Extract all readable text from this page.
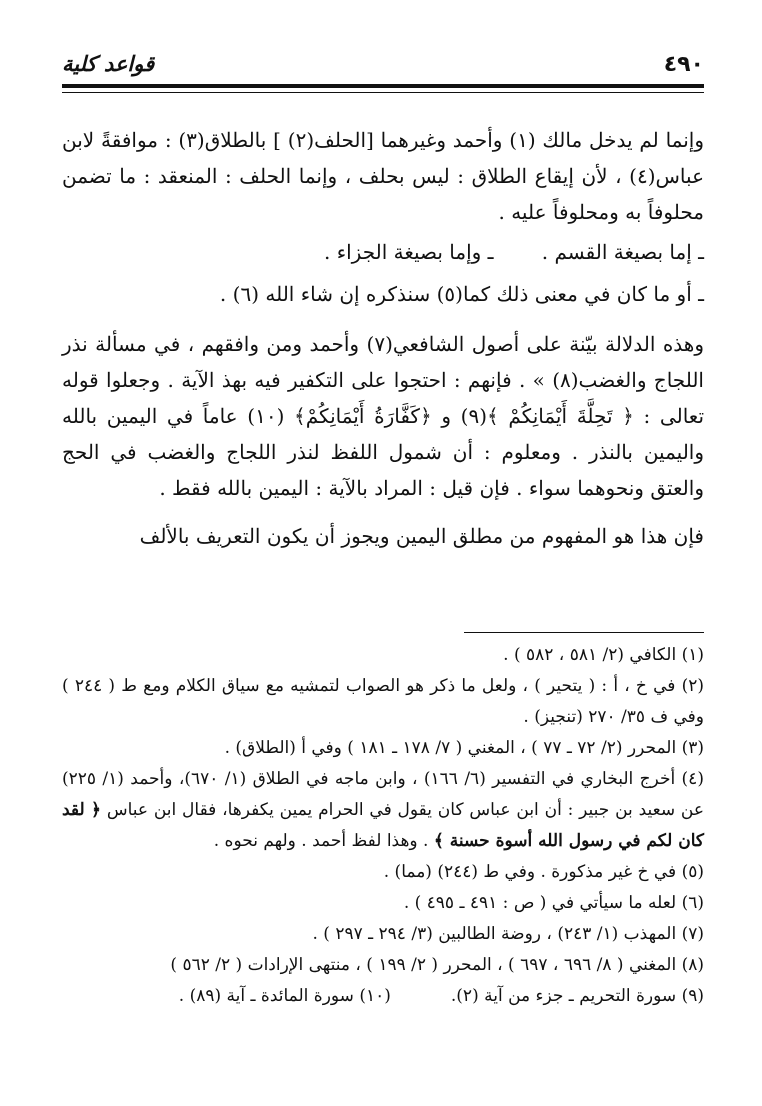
٤٩٠
قواعد كلية

وإنما لم يدخل مالك (١) وأحمد وغيرهما [الحلف(٢) ] بالطلاق(٣) : موافقةً لابن عباس(٤) ، لأن إيقاع الطلاق : ليس بحلف ، وإنما الحلف : المنعقد : ما تضمن محلوفاً به ومحلوفاً عليه .

ـ إما بصيغة القسم .
ـ وإما بصيغة الجزاء .

ـ أو ما كان في معنى ذلك كما(٥) سنذكره إن شاء الله (٦) .

وهذه الدلالة بيّنة على أصول الشافعي(٧) وأحمد ومن وافقهم ، في مسألة نذر اللجاج والغضب(٨) » . فإنهم : احتجوا على التكفير فيه بهذ الآية . وجعلوا قوله تعالى : ﴿ تَحِلَّةَ أَيْمَانِكُمْ ﴾(٩) و ﴿كَفَّارَةُ أَيْمَانِكُمْ﴾ (١٠) عاماً في اليمين بالله واليمين بالنذر . ومعلوم : أن شمول اللفظ لنذر اللجاج والغضب في الحج والعتق ونحوهما سواء . فإن قيل : المراد بالآية : اليمين بالله فقط .

فإن هذا هو المفهوم من مطلق اليمين ويجوز أن يكون التعريف بالألف

(١) الكافي (٢/ ٥٨١ ، ٥٨٢ ) .

(٢) في خ ، أ : ( يتحير ) ، ولعل ما ذكر هو الصواب لتمشيه مع سياق الكلام ومع ط ( ٢٤٤ ) وفي ف ٣٥/ ٢٧٠ (تنجيز) .

(٣) المحرر (٢/ ٧٢ ـ ٧٧ ) ، المغني ( ٧/ ١٧٨ ـ ١٨١ ) وفي أ (الطلاق) .

(٤) أخرج البخاري في التفسير (٦/ ١٦٦) ، وابن ماجه في الطلاق (١/ ٦٧٠)، وأحمد (١/ ٢٢٥) عن سعيد بن جبير : أن ابن عباس كان يقول في الحرام يمين يكفرها، فقال ابن عباس ﴿ لقد كان لكم في رسول الله أسوة حسنة ﴾ . وهذا لفظ أحمد . ولهم نحوه .

(٥) في خ غير مذكورة . وفي ط (٢٤٤) (مما) .

(٦) لعله ما سيأتي في ( ص : ٤٩١ ـ ٤٩٥ ) .

(٧) المهذب (١/ ٢٤٣) ، روضة الطالبين (٣/ ٢٩٤ ـ ٢٩٧ ) .

(٨) المغني ( ٨/ ٦٩٦ ، ٦٩٧ ) ، المحرر ( ٢/ ١٩٩ ) ، منتهى الإرادات ( ٢/ ٥٦٢ )

(٩) سورة التحريم ـ جزء من آية (٢).
(١٠) سورة المائدة ـ آية (٨٩) .
